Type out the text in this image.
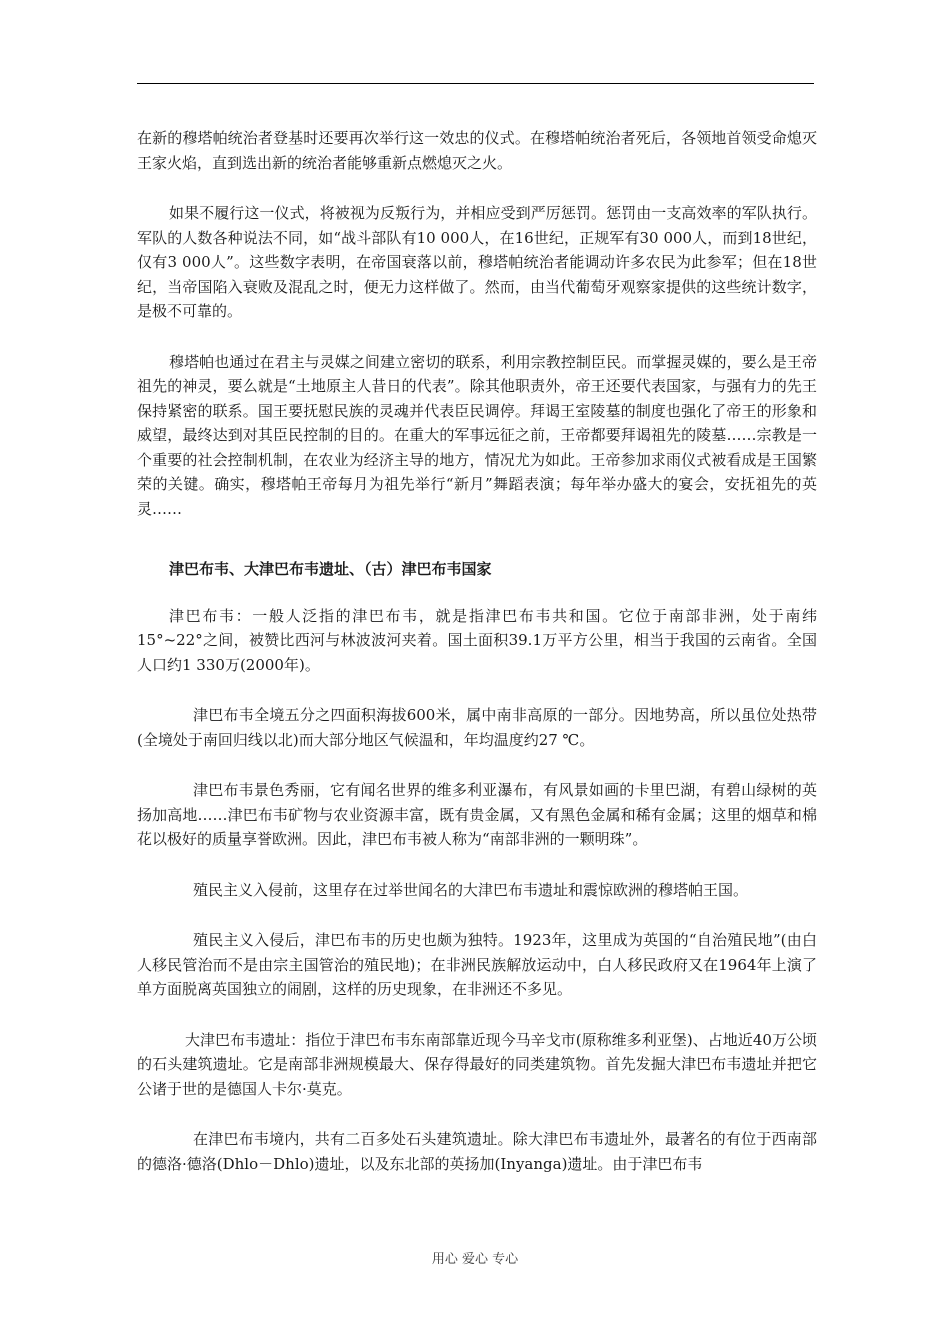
在新的穆塔帕统治者登基时还要再次举行这一效忠的仪式。在穆塔帕统治者死后，各领地首领受命熄灭王家火焰，直到选出新的统治者能够重新点燃熄灭之火。

如果不履行这一仪式，将被视为反叛行为，并相应受到严厉惩罚。惩罚由一支高效率的军队执行。军队的人数各种说法不同，如“战斗部队有10 000人，在16世纪，正规军有30 000人，而到18世纪，仅有3 000人”。这些数字表明，在帝国衰落以前，穆塔帕统治者能调动许多农民为此参军；但在18世纪，当帝国陷入衰败及混乱之时，便无力这样做了。然而，由当代葡萄牙观察家提供的这些统计数字，是极不可靠的。

穆塔帕也通过在君主与灵媒之间建立密切的联系，利用宗教控制臣民。而掌握灵媒的，要么是王帝祖先的神灵，要么就是“土地原主人昔日的代表”。除其他职责外，帝王还要代表国家，与强有力的先王保持紧密的联系。国王要抚慰民族的灵魂并代表臣民调停。拜谒王室陵墓的制度也强化了帝王的形象和威望，最终达到对其臣民控制的目的。在重大的军事远征之前，王帝都要拜谒祖先的陵墓……宗教是一个重要的社会控制机制，在农业为经济主导的地方，情况尤为如此。王帝参加求雨仪式被看成是王国繁荣的关键。确实，穆塔帕王帝每月为祖先举行“新月”舞蹈表演；每年举办盛大的宴会，安抚祖先的英灵……

津巴布韦、大津巴布韦遗址、（古）津巴布韦国家

津巴布韦：一般人泛指的津巴布韦，就是指津巴布韦共和国。它位于南部非洲，处于南纬15°~22°之间，被赞比西河与林波波河夹着。国土面积39.1万平方公里，相当于我国的云南省。全国人口约1 330万(2000年)。

津巴布韦全境五分之四面积海拔600米，属中南非高原的一部分。因地势高，所以虽位处热带(全境处于南回归线以北)而大部分地区气候温和，年均温度约27 ℃。

津巴布韦景色秀丽，它有闻名世界的维多利亚瀑布，有风景如画的卡里巴湖，有碧山绿树的英扬加高地……津巴布韦矿物与农业资源丰富，既有贵金属，又有黑色金属和稀有金属；这里的烟草和棉花以极好的质量享誉欧洲。因此，津巴布韦被人称为“南部非洲的一颗明珠”。

殖民主义入侵前，这里存在过举世闻名的大津巴布韦遗址和震惊欧洲的穆塔帕王国。

殖民主义入侵后，津巴布韦的历史也颇为独特。1923年，这里成为英国的“自治殖民地”(由白人移民管治而不是由宗主国管治的殖民地)；在非洲民族解放运动中，白人移民政府又在1964年上演了单方面脱离英国独立的闹剧，这样的历史现象，在非洲还不多见。

大津巴布韦遗址：指位于津巴布韦东南部靠近现今马辛戈市(原称维多利亚堡)、占地近40万公顷的石头建筑遗址。它是南部非洲规模最大、保存得最好的同类建筑物。首先发掘大津巴布韦遗址并把它公诸于世的是德国人卡尔·莫克。

在津巴布韦境内，共有二百多处石头建筑遗址。除大津巴布韦遗址外，最著名的有位于西南部的德洛·德洛(Dhlo－Dhlo)遗址，以及东北部的英扬加(Inyanga)遗址。由于津巴布韦

用心 爱心 专心
